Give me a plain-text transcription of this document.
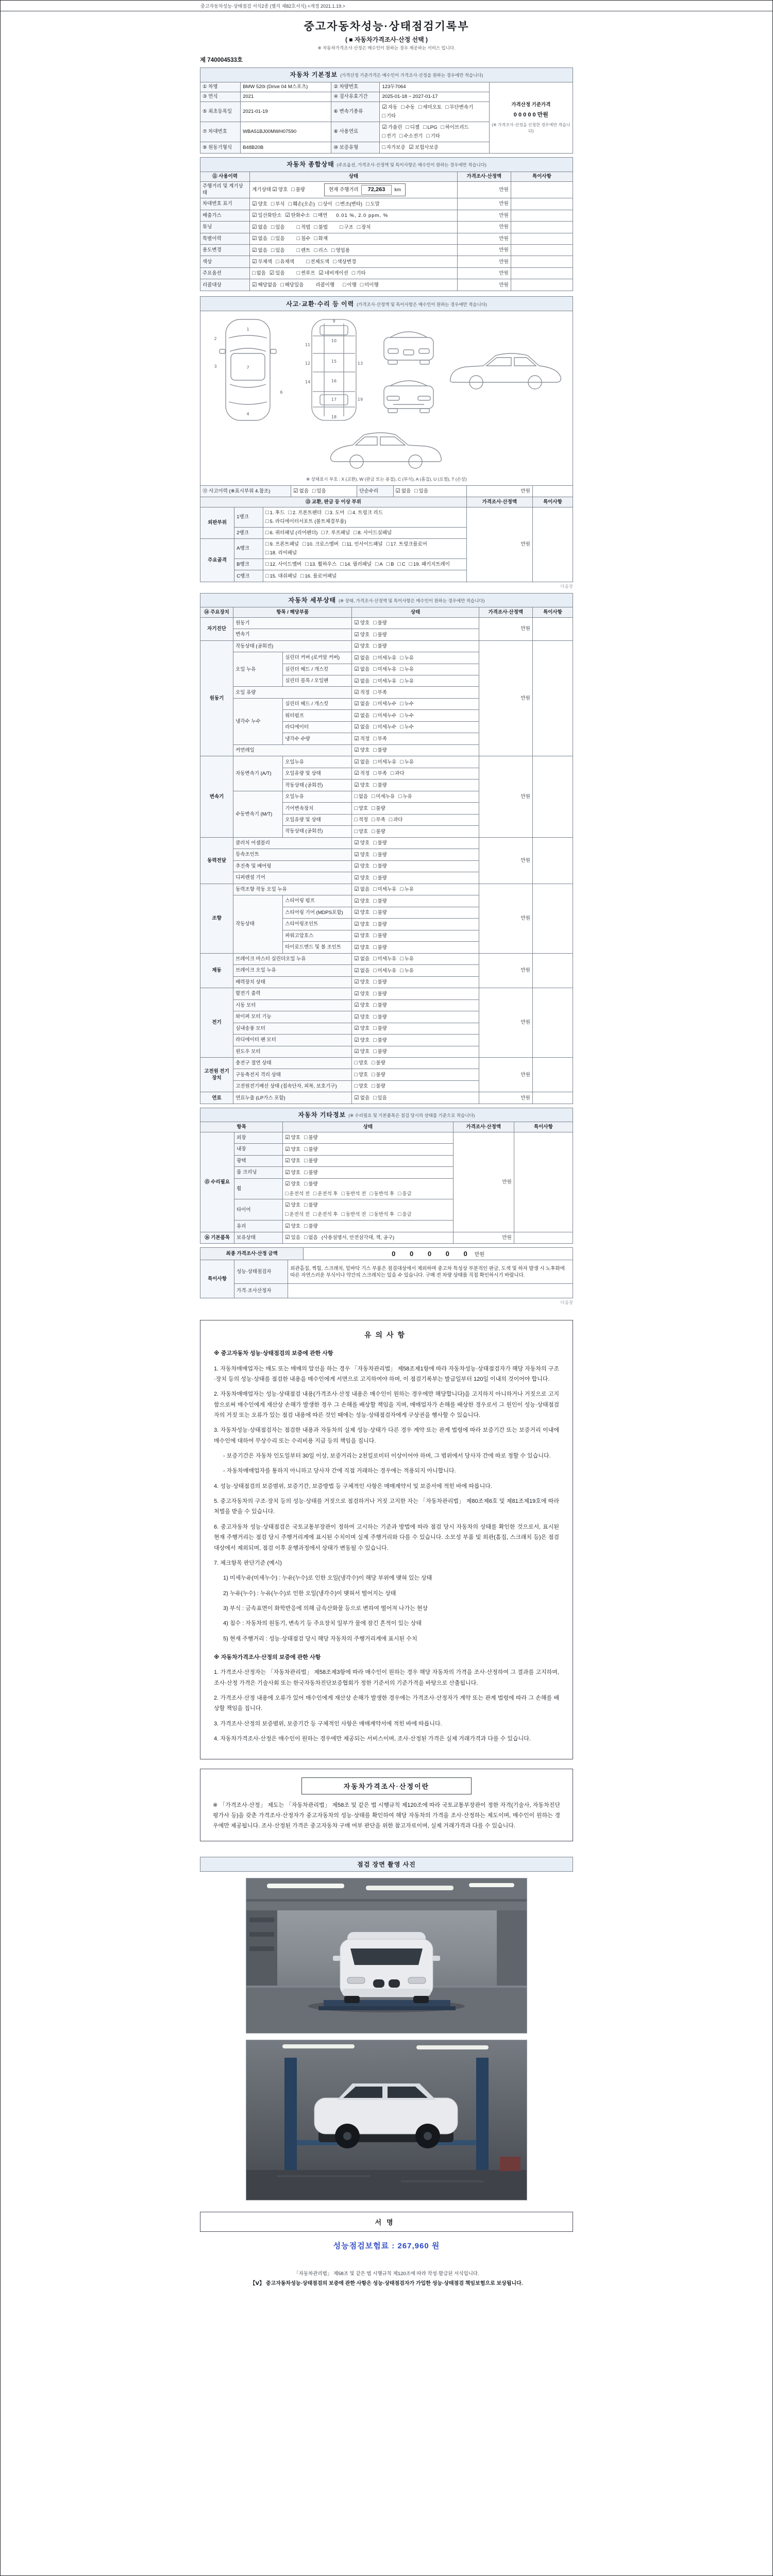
중고자동차성능·상태점검 서식2종 (별지 제82호서식) <개정 2021.1.19.>
중고자동차성능·상태점검기록부
( ■ 자동차가격조사·산정 선택 )
※ 자동차가격조사·산정은 매수인이 원하는 경우 제공하는 서비스 입니다.
제 740004533호
자동차 기본정보 (가격산정 기준가격은 매수인이 가격조사·산정을 원하는 경우에만 적습니다)				
① 차명	BMW 520i (Drive 04 M스포츠)	② 차량번호	123두7064	가격산정 기준가격
0 0 0 0 0 만원
(※ 가격조사·산정을 신청한 경우에만 적습니다)

③ 연식	2021	④ 검사유효기간	2025-01-18 ~ 2027-01-17	
⑤ 최초등록일	2021-01-19	⑥ 변속기종류	☑ 자동 □ 수동 □ 세미오토 □ 무단변속기□ 기타	
⑦ 차대번호	WBA51BJ00MWH07590	⑧ 사용연료	☑ 가솔린 □ 디젤 □ LPG □ 하이브리드□ 전기 □ 수소전기 □ 기타	
⑨ 원동기형식	B48B20B	⑩ 보증유형	□ 자가보증 ☑ 보험사보증	
자동차 종합상태 (주요옵션, 가격조사·산정액 및 특이사항은 매수인이 원하는 경우에만 적습니다)			
⑪ 사용이력	상태	가격조사·산정액	특이사항
주행거리 및 계기상태	계기상태 ☑ 양호 □ 불량 현재 주행거리 72,263 km	만원	
차대번호 표기	☑ 양호 □ 부식 □ 훼손(오손) □ 상이 □ 변조(변타) □ 도말	만원	
배출가스	☑ 일산화탄소 ☑ 탄화수소 □ 매연 0.01 %, 2.0 ppm, %	만원	
튜닝	☑ 없음 □ 있음 □ 적법 □ 불법 □ 구조 □ 장치	만원	
특별이력	☑ 없음 □ 있음 □ 침수 □ 화재	만원	
용도변경	☑ 없음 □ 있음 □ 렌트 □ 리스 □ 영업용	만원	
색상	☑ 무채색 □ 유채색 □ 전체도색 □ 색상변경	만원	
주요옵션	□ 없음 ☑ 있음 □ 썬루프 ☑ 네비게이션 □ 기타	만원	
리콜대상	☑ 해당없음 □ 해당있음 리콜이행 □ 이행 □ 미이행	만원	
사고·교환·수리 등 이력 (가격조사·산정액 및 특이사항은 매수인이 원하는 경우에만 적습니다)
1
2
3
4
6
7
9
10
11
12	13
14
15
16
17
18
19
※ 상태표시 부호 : X (교환), W (판금 또는 용접), C (부식), A (흠집), U (요철), T (손상)
⑫ 사고이력 (※표시부위 4.참조)	☑ 없음 □ 있음	단순수리	☑ 없음 □ 있음	만원	
⑬ 교환, 판금 등 이상 부위			가격조사·산정액	특이사항
외판부위	1랭크	□ 1. 후드 □ 2. 프론트펜더 □ 3. 도어 □ 4. 트렁크 리드□ 5. 라디에이터서포트 (볼트체결부품)	만원	
	2랭크	□ 6. 쿼터패널 (리어펜더) □ 7. 루프패널 □ 8. 사이드실패널		
주요골격	A랭크	□ 9. 프론트패널 □ 10. 크로스멤버 □ 11. 인사이드패널 □ 17. 트렁크플로어□ 18. 리어패널		
	B랭크	□ 12. 사이드멤버 □ 13. 휠하우스 □ 14. 필러패널 □ A □ B □ C □ 19. 패키지트레이		
	C랭크	□ 15. 대쉬패널 □ 16. 플로어패널		
다음장
자동차 세부상태 (※ 상태, 가격조사·산정액 및 특이사항은 매수인이 원하는 경우에만 적습니다)					
⑭ 주요장치	항목 / 해당부품		상태	가격조사·산정액	특이사항
자기진단	원동기		☑ 양호 □ 불량	만원	
	변속기		☑ 양호 □ 불량		
원동기	작동상태 (공회전)		☑ 양호 □ 불량	만원	
	오일 누유	실린더 커버 (로커암 커버)	☑ 없음 □ 미세누유 □ 누유		
		실린더 헤드 / 개스킷	☑ 없음 □ 미세누유 □ 누유		
		실린더 블록 / 오일팬	☑ 없음 □ 미세누유 □ 누유		
	오일 유량		☑ 적정 □ 부족		
	냉각수 누수	실린더 헤드 / 개스킷	☑ 없음 □ 미세누수 □ 누수		
		워터펌프	☑ 없음 □ 미세누수 □ 누수		
		라디에이터	☑ 없음 □ 미세누수 □ 누수		
		냉각수 수량	☑ 적정 □ 부족		
	커먼레일		☑ 양호 □ 불량		
변속기	자동변속기 (A/T)	오일누유	☑ 없음 □ 미세누유 □ 누유	만원	
		오일유량 및 상태	☑ 적정 □ 부족 □ 과다		
		작동상태 (공회전)	☑ 양호 □ 불량		
	수동변속기 (M/T)	오일누유	□ 없음 □ 미세누유 □ 누유		
		기어변속장치	□ 양호 □ 불량		
		오일유량 및 상태	□ 적정 □ 부족 □ 과다		
		작동상태 (공회전)	□ 양호 □ 불량		
동력전달	클러치 어셈블리		☑ 양호 □ 불량	만원	
	등속조인트		☑ 양호 □ 불량		
	추진축 및 베어링		☑ 양호 □ 불량		
	디퍼렌셜 기어		☑ 양호 □ 불량		
조향	동력조향 작동 오일 누유		☑ 없음 □ 미세누유 □ 누유	만원	
	작동상태	스티어링 펌프	☑ 양호 □ 불량		
		스티어링 기어 (MDPS포함)	☑ 양호 □ 불량		
		스티어링조인트	☑ 양호 □ 불량		
		파워고압호스	☑ 양호 □ 불량		
		타이로드엔드 및 볼 조인트	☑ 양호 □ 불량		
제동	브레이크 마스터 실린더오일 누유		☑ 없음 □ 미세누유 □ 누유	만원	
	브레이크 오일 누유		☑ 없음 □ 미세누유 □ 누유		
	배력장치 상태		☑ 양호 □ 불량		
전기	발전기 출력		☑ 양호 □ 불량	만원	
	시동 모터		☑ 양호 □ 불량		
	와이퍼 모터 기능		☑ 양호 □ 불량		
	실내송풍 모터		☑ 양호 □ 불량		
	라디에이터 팬 모터		☑ 양호 □ 불량		
	윈도우 모터		☑ 양호 □ 불량		
고전원 전기장치	충전구 절연 상태		□ 양호 □ 불량	만원	
	구동축전지 격리 상태		□ 양호 □ 불량		
	고전원전기배선 상태 (접속단자, 피복, 보호기구)		□ 양호 □ 불량		
연료	연료누출 (LP가스 포함)		☑ 없음 □ 있음	만원	
자동차 기타정보 (※ 수리필요 및 기본품목은 점검 당시의 상태를 기준으로 적습니다)				
항목		상태	가격조사·산정액	특이사항
⑮ 수리필요	외장	☑ 양호 □ 불량	만원	
	내장	☑ 양호 □ 불량		
	광택	☑ 양호 □ 불량		
	룸 크리닝	☑ 양호 □ 불량		
	휠	☑ 양호 □ 불량
□ 운전석 전 □ 운전석 후 □ 동반석 전 □ 동반석 후 □ 응급		
	타이어	☑ 양호 □ 불량
□ 운전석 전 □ 운전석 후 □ 동반석 전 □ 동반석 후 □ 응급		
	유리	☑ 양호 □ 불량		
⑯ 기본품목	보유상태	☑ 있음 □ 없음 (사용설명서, 안전삼각대, 잭, 공구)	만원	
최종 가격조사·산정 금액	0 0 0 0 0 만원
특이사항	성능·상태점검자	외관흠집, 찍힘, 스크래치, 밑바닥 기스 부품은 점검대상에서 제외하며 중고차 특성상 부분적인 판금, 도색 및 하자 발생 시 노후화에 따른 자연스러운 부식이나 약간의 스크래치는 있을 수 있습니다. 구매 전 차량 상태를 직접 확인하시기 바랍니다.
	가격·조사산정자	
다음장
유의사항

※ 중고자동차 성능·상태점검의 보증에 관한 사항

1. 자동차매매업자는 매도 또는 매매의 알선을 하는 경우 「자동차관리법」 제58조제1항에 따라 자동차성능·상태점검자가 해당 자동차의 구조·장치 등의 성능·상태를 점검한 내용을 매수인에게 서면으로 고지하여야 하며, 이 점검기록부는 발급일부터 120일 이내의 것이어야 합니다.

2. 자동차매매업자는 성능·상태점검 내용(가격조사·산정 내용은 매수인이 원하는 경우에만 해당합니다)을 고지하지 아니하거나 거짓으로 고지함으로써 매수인에게 재산상 손해가 발생한 경우 그 손해를 배상할 책임을 지며, 매매업자가 손해를 배상한 경우로서 그 원인이 성능·상태점검자의 거짓 또는 오류가 있는 점검 내용에 따른 것인 때에는 성능·상태점검자에게 구상권을 행사할 수 있습니다.

3. 자동차성능·상태점검자는 점검한 내용과 자동차의 실제 성능·상태가 다른 경우 계약 또는 관계 법령에 따라 보증기간 또는 보증거리 이내에 매수인에 대하여 무상수리 또는 수리비용 지급 등의 책임을 집니다.

- 보증기간은 자동차 인도일부터 30일 이상, 보증거리는 2천킬로미터 이상이어야 하며, 그 범위에서 당사자 간에 따로 정할 수 있습니다.

- 자동차매매업자를 통하지 아니하고 당사자 간에 직접 거래하는 경우에는 적용되지 아니합니다.

4. 성능·상태점검의 보증범위, 보증기간, 보증방법 등 구체적인 사항은 매매계약서 및 보증서에 적힌 바에 따릅니다.

5. 중고자동차의 구조·장치 등의 성능·상태를 거짓으로 점검하거나 거짓 고지한 자는 「자동차관리법」 제80조제6호 및 제81조제19호에 따라 처벌을 받을 수 있습니다.

6. 중고자동차 성능·상태점검은 국토교통부장관이 정하여 고시하는 기준과 방법에 따라 점검 당시 자동차의 상태를 확인한 것으로서, 표시된 현재 주행거리는 점검 당시 주행거리계에 표시된 수치이며 실제 주행거리와 다를 수 있습니다. 소모성 부품 및 외관(흠집, 스크래치 등)은 점검 대상에서 제외되며, 점검 이후 운행과정에서 상태가 변동될 수 있습니다.

7. 체크항목 판단기준 (예시)

1) 미세누유(미세누수) : 누유(누수)로 인한 오일(냉각수)이 해당 부위에 맺혀 있는 상태

2) 누유(누수) : 누유(누수)로 인한 오일(냉각수)이 맺혀서 떨어지는 상태

3) 부식 : 금속표면이 화학반응에 의해 금속산화물 등으로 변하여 떨어져 나가는 현상

4) 침수 : 자동차의 원동기, 변속기 등 주요장치 일부가 물에 잠긴 흔적이 있는 상태

5) 현재 주행거리 : 성능·상태점검 당시 해당 자동차의 주행거리계에 표시된 수치

※ 자동차가격조사·산정의 보증에 관한 사항

1. 가격조사·산정자는 「자동차관리법」 제58조제3항에 따라 매수인이 원하는 경우 해당 자동차의 가격을 조사·산정하여 그 결과를 고지하며, 조사·산정 가격은 기술사회 또는 한국자동차진단보증협회가 정한 기준서의 기준가격을 바탕으로 산출됩니다.

2. 가격조사·산정 내용에 오류가 있어 매수인에게 재산상 손해가 발생한 경우에는 가격조사·산정자가 계약 또는 관계 법령에 따라 그 손해를 배상할 책임을 집니다.

3. 가격조사·산정의 보증범위, 보증기간 등 구체적인 사항은 매매계약서에 적힌 바에 따릅니다.

4. 자동차가격조사·산정은 매수인이 원하는 경우에만 제공되는 서비스이며, 조사·산정된 가격은 실제 거래가격과 다를 수 있습니다.

자동차가격조사·산정이란

※ 「가격조사·산정」 제도는 「자동차관리법」 제58조 및 같은 법 시행규칙 제120조에 따라 국토교통부장관이 정한 자격(기술사, 자동차진단평가사 등)을 갖춘 가격조사·산정자가 중고자동차의 성능·상태를 확인하여 해당 자동차의 가격을 조사·산정하는 제도이며, 매수인이 원하는 경우에만 제공됩니다. 조사·산정된 가격은 중고자동차 구매 여부 판단을 위한 참고자료이며, 실제 거래가격과 다를 수 있습니다.

점검 장면 촬영 사진
서명
성능점검보험료 : 267,960 원
「자동차관리법」 제58조 및 같은 법 시행규칙 제120조에 따라 작성·발급된 서식입니다.
【Ⅴ】 중고자동차성능·상태점검의 보증에 관한 사항은 성능·상태점검자가 가입한 성능·상태점검 책임보험으로 보상됩니다.
